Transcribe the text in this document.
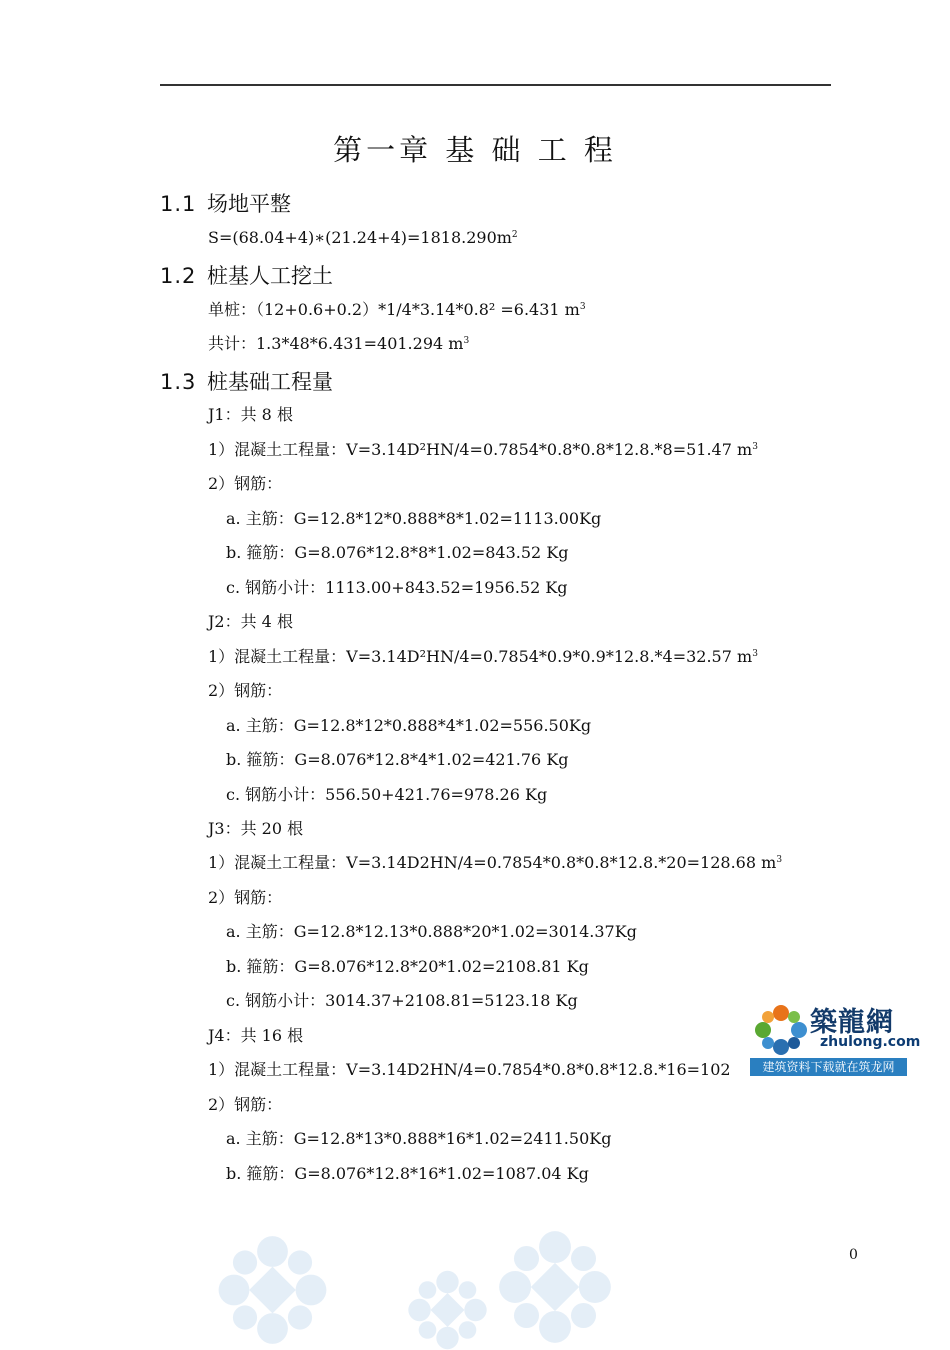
第一章 基 础 工 程
1.1 场地平整
$S=(68.04+4)∗(21.24+4)=1818.290m^2$
1.2 桩基人工挖土
单桩：（12+0.6+0.2）*1/4*3.14*0.8² =6.431 $m^3$
共计：1.3*48*6.431=401.294 $m^3$
1.3 桩基础工程量
J1：共 8 根
1）混凝土工程量：V=3.14D²HN/4=0.7854*0.8*0.8*12.8.*8=51.47 $m^3$
2）钢筋：
a. 主筋：G=12.8*12*0.888*8*1.02=1113.00Kg
b. 箍筋：G=8.076*12.8*8*1.02=843.52 Kg
c. 钢筋小计：1113.00+843.52=1956.52 Kg
J2：共 4 根
1）混凝土工程量：V=3.14D²HN/4=0.7854*0.9*0.9*12.8.*4=32.57 $m^3$
2）钢筋：
a. 主筋：G=12.8*12*0.888*4*1.02=556.50Kg
b. 箍筋：G=8.076*12.8*4*1.02=421.76 Kg
c. 钢筋小计：556.50+421.76=978.26 Kg
J3：共 20 根
1）混凝土工程量：V=3.14D2HN/4=0.7854*0.8*0.8*12.8.*20=128.68 $m^3$
2）钢筋：
a. 主筋：G=12.8*12.13*0.888*20*1.02=3014.37Kg
b. 箍筋：G=8.076*12.8*20*1.02=2108.81 Kg
c. 钢筋小计：3014.37+2108.81=5123.18 Kg
J4：共 16 根
1）混凝土工程量：V=3.14D2HN/4=0.7854*0.8*0.8*12.8.*16=102
2）钢筋：
a. 主筋：G=12.8*13*0.888*16*1.02=2411.50Kg
b. 箍筋：G=8.076*12.8*16*1.02=1087.04 Kg
0
築龍網
zhulong.com
建筑资料下载就在筑龙网
